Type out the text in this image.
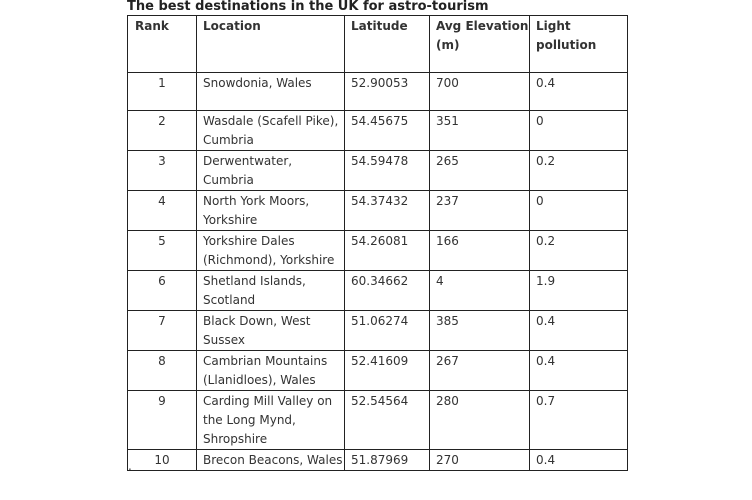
The best destinations in the UK for astro-tourism
Rank	Location	Latitude	Avg Elevation (m)	Light pollution
1	Snowdonia, Wales	52.90053	700	0.4
2	Wasdale (Scafell Pike), Cumbria	54.45675	351	0
3	Derwentwater, Cumbria	54.59478	265	0.2
4	North York Moors, Yorkshire	54.37432	237	0
5	Yorkshire Dales (Richmond), Yorkshire	54.26081	166	0.2
6	Shetland Islands, Scotland	60.34662	4	1.9
7	Black Down, West Sussex	51.06274	385	0.4
8	Cambrian Mountains (Llanidloes), Wales	52.41609	267	0.4
9	Carding Mill Valley on the Long Mynd, Shropshire	52.54564	280	0.7
10	Brecon Beacons, Wales	51.87969	270	0.4
.
